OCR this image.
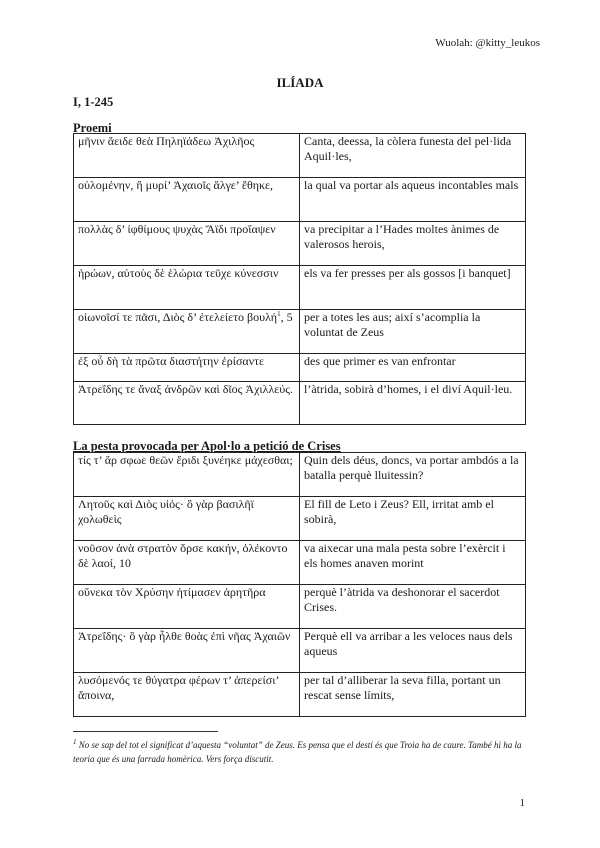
Wuolah: @kitty_leukos
ILÍADA
I, 1-245
Proemi
μῆνιν ἄειδε θεὰ Πηληϊάδεω Ἀχιλῆος	Canta, deessa, la còlera funesta del pel·lida Aquil·les,
οὐλομένην, ἣ μυρί’ Ἀχαιοῖς ἄλγε’ ἔθηκε,	la qual va portar als aqueus incontables mals
πολλὰς δ’ ἰφθίμους ψυχὰς Ἄϊδι προΐαψεν	va precipitar a l’Hades moltes ànimes de valerosos herois,
ἡρώων, αὐτοὺς δὲ ἑλώρια τεῦχε κύνεσσιν	els va fer presses per als gossos [i banquet]
οἰωνοῖσί τε πᾶσι, Διὸς δ’ ἐτελείετο βουλή$^1$, 5	per a totes les aus; així s’acomplia la voluntat de Zeus
ἐξ οὗ δὴ τὰ πρῶτα διαστήτην ἐρίσαντε	des que primer es van enfrontar
Ἀτρεΐδης τε ἄναξ ἀνδρῶν καὶ δῖος Ἀχιλλεύς.	l’àtrida, sobirà d’homes, i el diví Aquil·leu.
La pesta provocada per Apol·lo a petició de Crises
τίς τ’ ἄρ σφωε θεῶν ἔριδι ξυνέηκε μάχεσθαι;	Quin dels déus, doncs, va portar ambdós a la batalla perquè lluitessin?
Λητοῦς καὶ Διὸς υἱός· ὃ γὰρ βασιλῆϊ χολωθεὶς	El fill de Leto i Zeus? Ell, irritat amb el sobirà,
νοῦσον ἀνὰ στρατὸν ὄρσε κακήν, ὀλέκοντο δὲ λαοί, 10	va aixecar una mala pesta sobre l’exèrcit i els homes anaven morint
οὕνεκα τὸν Χρύσην ἠτίμασεν ἀρητῆρα	perquè l’àtrida va deshonorar el sacerdot Crises.
Ἀτρεΐδης· ὃ γὰρ ἦλθε θοὰς ἐπὶ νῆας Ἀχαιῶν	Perquè ell va arribar a les veloces naus dels aqueus
λυσόμενός τε θύγατρα φέρων τ’ ἀπερείσι’ ἄποινα,	per tal d’alliberar la seva filla, portant un rescat sense límits,
$^1$ No se sap del tot el significat d’aquesta “voluntat” de Zeus. Es pensa que el destí és que Troia ha de caure. També hi ha la teoria que és una farrada homèrica. Vers força discutit.
1
